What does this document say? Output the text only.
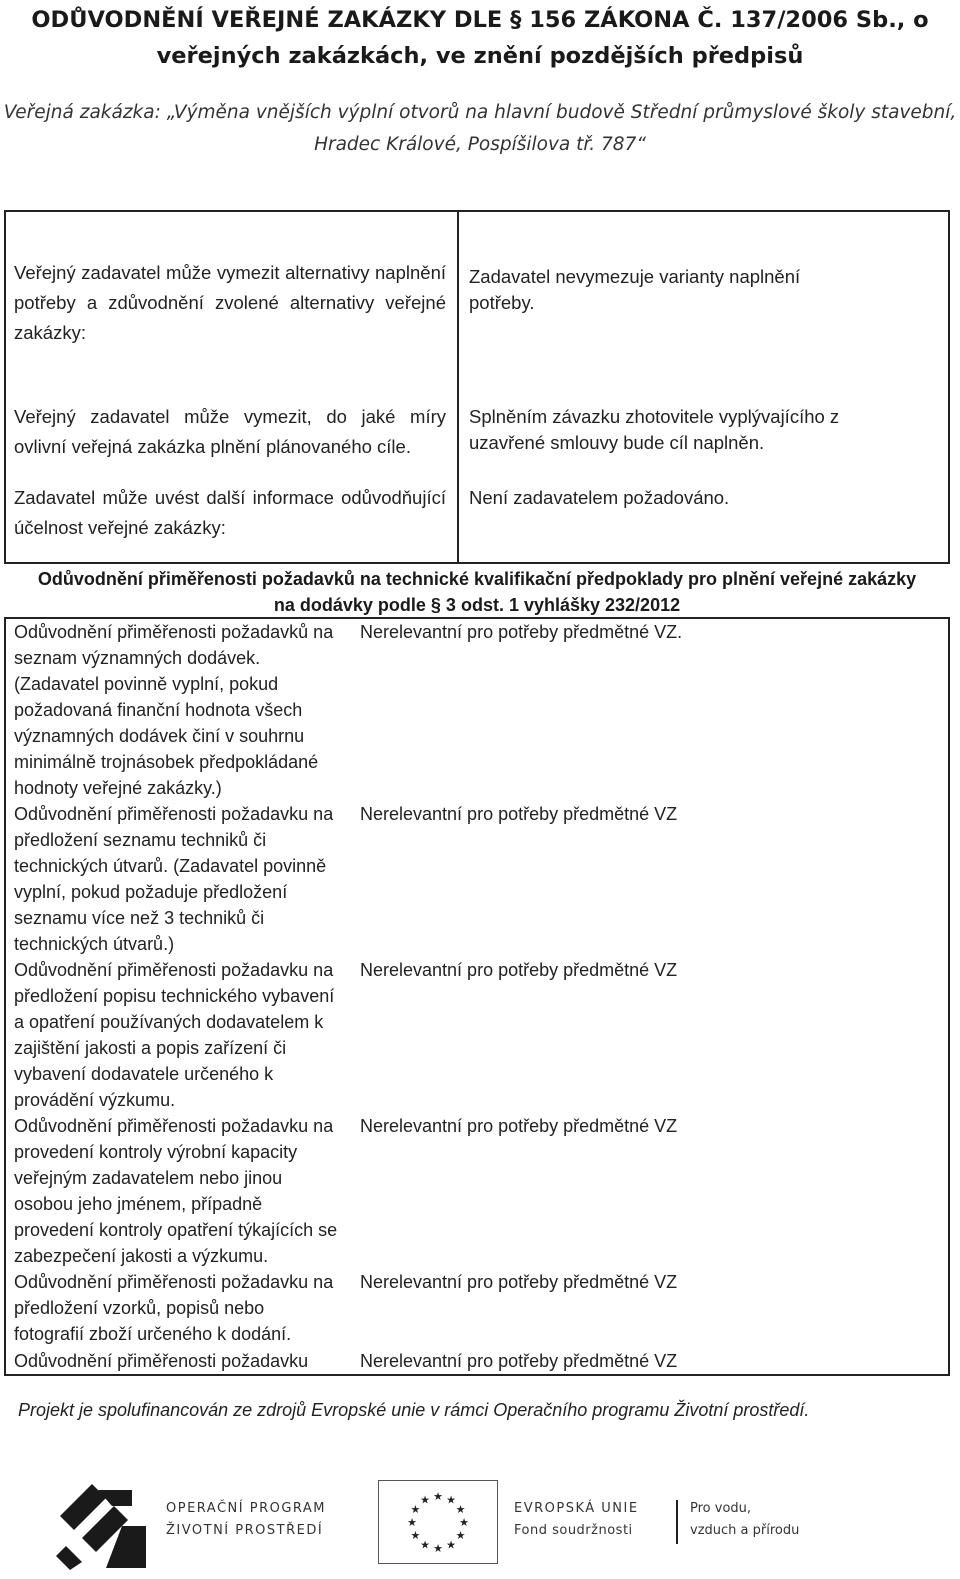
ODŮVODNĚNÍ VEŘEJNÉ ZAKÁZKY DLE § 156 ZÁKONA Č. 137/2006 Sb., o
veřejných zakázkách, ve znění pozdějších předpisů
Veřejná zakázka: „Výměna vnějších výplní otvorů na hlavní budově Střední průmyslové školy stavební,
Hradec Králové, Pospíšilova tř. 787“
Veřejný zadavatel může vymezit alternativy naplnění potřeby a zdůvodnění zvolené alternativy veřejné zakázky:
Zadavatel nevymezuje varianty naplnění potřeby.
Veřejný zadavatel může vymezit, do jaké míry ovlivní veřejná zakázka plnění plánovaného cíle.
Splněním závazku zhotovitele vyplývajícího z uzavřené smlouvy bude cíl naplněn.
Zadavatel může uvést další informace odůvodňující účelnost veřejné zakázky:
Není zadavatelem požadováno.
Odůvodnění přiměřenosti požadavků na technické kvalifikační předpoklady pro plnění veřejné zakázky
na dodávky podle § 3 odst. 1 vyhlášky 232/2012
Odůvodnění přiměřenosti požadavků na seznam významných dodávek. (Zadavatel povinně vyplní, pokud požadovaná finanční hodnota všech významných dodávek činí v souhrnu minimálně trojnásobek předpokládané hodnoty veřejné zakázky.)
Nerelevantní pro potřeby předmětné VZ.
Odůvodnění přiměřenosti požadavku na předložení seznamu techniků či technických útvarů. (Zadavatel povinně vyplní, pokud požaduje předložení seznamu více než 3 techniků či technických útvarů.)
Nerelevantní pro potřeby předmětné VZ
Odůvodnění přiměřenosti požadavku na předložení popisu technického vybavení a opatření používaných dodavatelem k zajištění jakosti a popis zařízení či vybavení dodavatele určeného k provádění výzkumu.
Nerelevantní pro potřeby předmětné VZ
Odůvodnění přiměřenosti požadavku na provedení kontroly výrobní kapacity veřejným zadavatelem nebo jinou osobou jeho jménem, případně provedení kontroly opatření týkajících se zabezpečení jakosti a výzkumu.
Nerelevantní pro potřeby předmětné VZ
Odůvodnění přiměřenosti požadavku na předložení vzorků, popisů nebo fotografií zboží určeného k dodání.
Nerelevantní pro potřeby předmětné VZ
Odůvodnění přiměřenosti požadavku	Nerelevantní pro potřeby předmětné VZ
Projekt je spolufinancován ze zdrojů Evropské unie v rámci Operačního programu Životní prostředí.
OPERAČNÍ PROGRAM
ŽIVOTNÍ PROSTŘEDÍ
★ ★
★
★
★
★
★
★
★
★
★
★
EVROPSKÁ UNIE
Fond soudržnosti
Pro vodu,
vzduch a přírodu
